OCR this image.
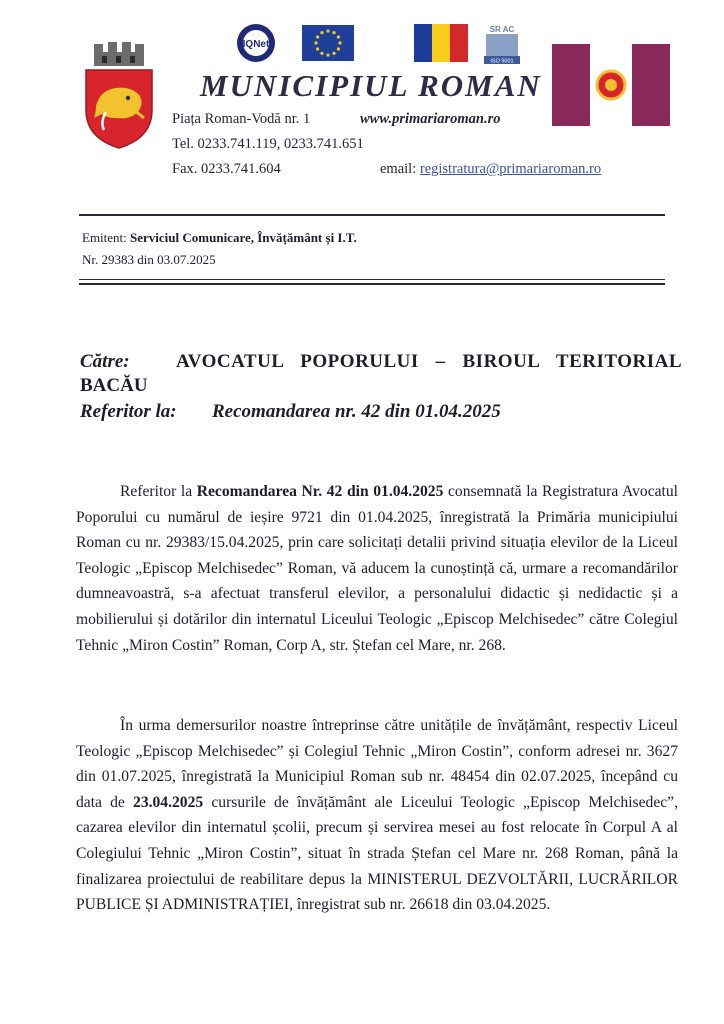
IQNet
SR AC
ISO 9001
MUNICIPIUL ROMAN
Piața Roman-Vodă nr. 1	www.primariaroman.ro
Tel. 0233.741.119, 0233.741.651
Fax. 0233.741.604	email: registratura@primariaroman.ro
Emitent: Serviciul Comunicare, Învățământ și I.T.
Nr. 29383 din 03.07.2025
Către: AVOCATUL POPORULUI – BIROUL TERITORIAL
BACĂU
Referitor la: Recomandarea nr. 42 din 01.04.2025
Referitor la Recomandarea Nr. 42 din 01.04.2025 consemnată la Registratura Avocatul Poporului cu numărul de ieșire 9721 din 01.04.2025, înregistrată la Primăria municipiului Roman cu nr. 29383/15.04.2025, prin care solicitați detalii privind situația elevilor de la Liceul Teologic „Episcop Melchisedec” Roman, vă aducem la cunoștință că, urmare a recomandărilor dumneavoastră, s-a afectuat transferul elevilor, a personalului didactic și nedidactic și a mobilierului și dotărilor din internatul Liceului Teologic „Episcop Melchisedec” către Colegiul Tehnic „Miron Costin” Roman, Corp A, str. Ștefan cel Mare, nr. 268.
În urma demersurilor noastre întreprinse către unitățile de învățământ, respectiv Liceul Teologic „Episcop Melchisedec” și Colegiul Tehnic „Miron Costin”, conform adresei nr. 3627 din 01.07.2025, înregistrată la Municipiul Roman sub nr. 48454 din 02.07.2025, începând cu data de 23.04.2025 cursurile de învățământ ale Liceului Teologic „Episcop Melchisedec”, cazarea elevilor din internatul școlii, precum și servirea mesei au fost relocate în Corpul A al Colegiului Tehnic „Miron Costin”, situat în strada Ștefan cel Mare nr. 268 Roman, până la finalizarea proiectului de reabilitare depus la MINISTERUL DEZVOLTĂRII, LUCRĂRILOR PUBLICE ȘI ADMINISTRAȚIEI, înregistrat sub nr. 26618 din 03.04.2025.
